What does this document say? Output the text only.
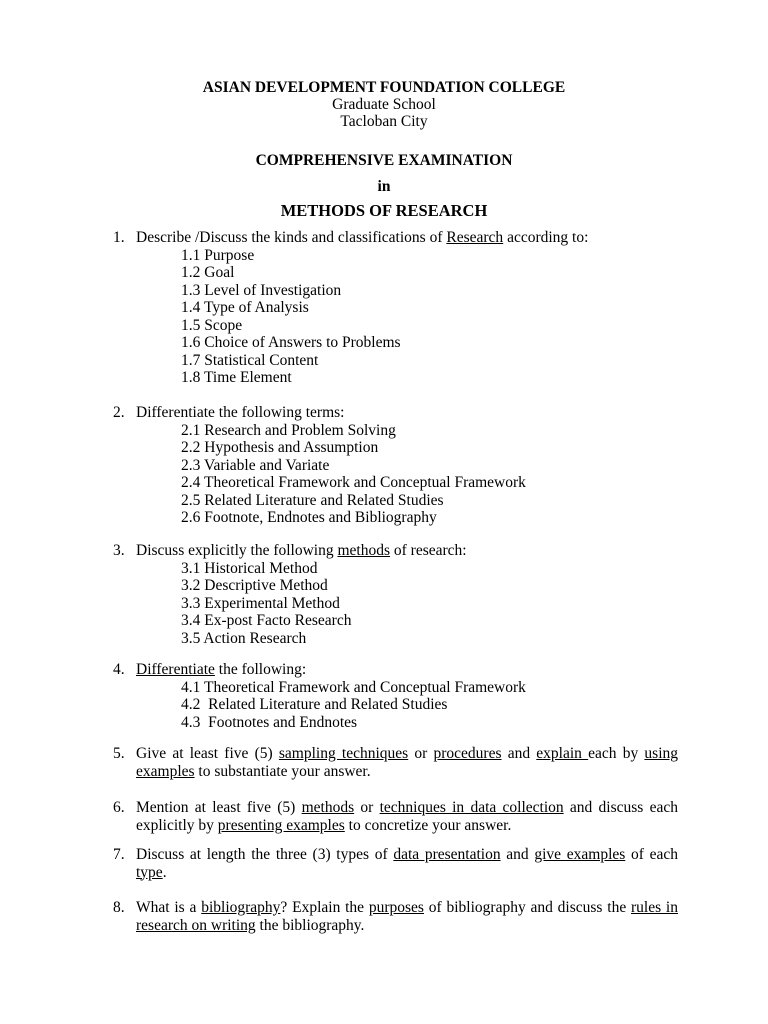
ASIAN DEVELOPMENT FOUNDATION COLLEGE
Graduate School
Tacloban City
COMPREHENSIVE EXAMINATION
in
METHODS OF RESEARCH
1. Describe /Discuss the kinds and classifications of Research according to:
1.1 Purpose
1.2 Goal
1.3 Level of Investigation
1.4 Type of Analysis
1.5 Scope
1.6 Choice of Answers to Problems
1.7 Statistical Content
1.8 Time Element
2. Differentiate the following terms:
2.1 Research and Problem Solving
2.2 Hypothesis and Assumption
2.3 Variable and Variate
2.4 Theoretical Framework and Conceptual Framework
2.5 Related Literature and Related Studies
2.6 Footnote, Endnotes and Bibliography
3. Discuss explicitly the following methods of research:
3.1 Historical Method
3.2 Descriptive Method
3.3 Experimental Method
3.4 Ex-post Facto Research
3.5 Action Research
4. Differentiate the following:
4.1 Theoretical Framework and Conceptual Framework
4.2  Related Literature and Related Studies
4.3  Footnotes and Endnotes
5. Give at least five (5) sampling techniques or procedures and explain each by using examples to substantiate your answer.
6. Mention at least five (5) methods or techniques in data collection and discuss each explicitly by presenting examples to concretize your answer.
7. Discuss at length the three (3) types of data presentation and give examples of each type.
8. What is a bibliography? Explain the purposes of bibliography and discuss the rules in research on writing the bibliography.
